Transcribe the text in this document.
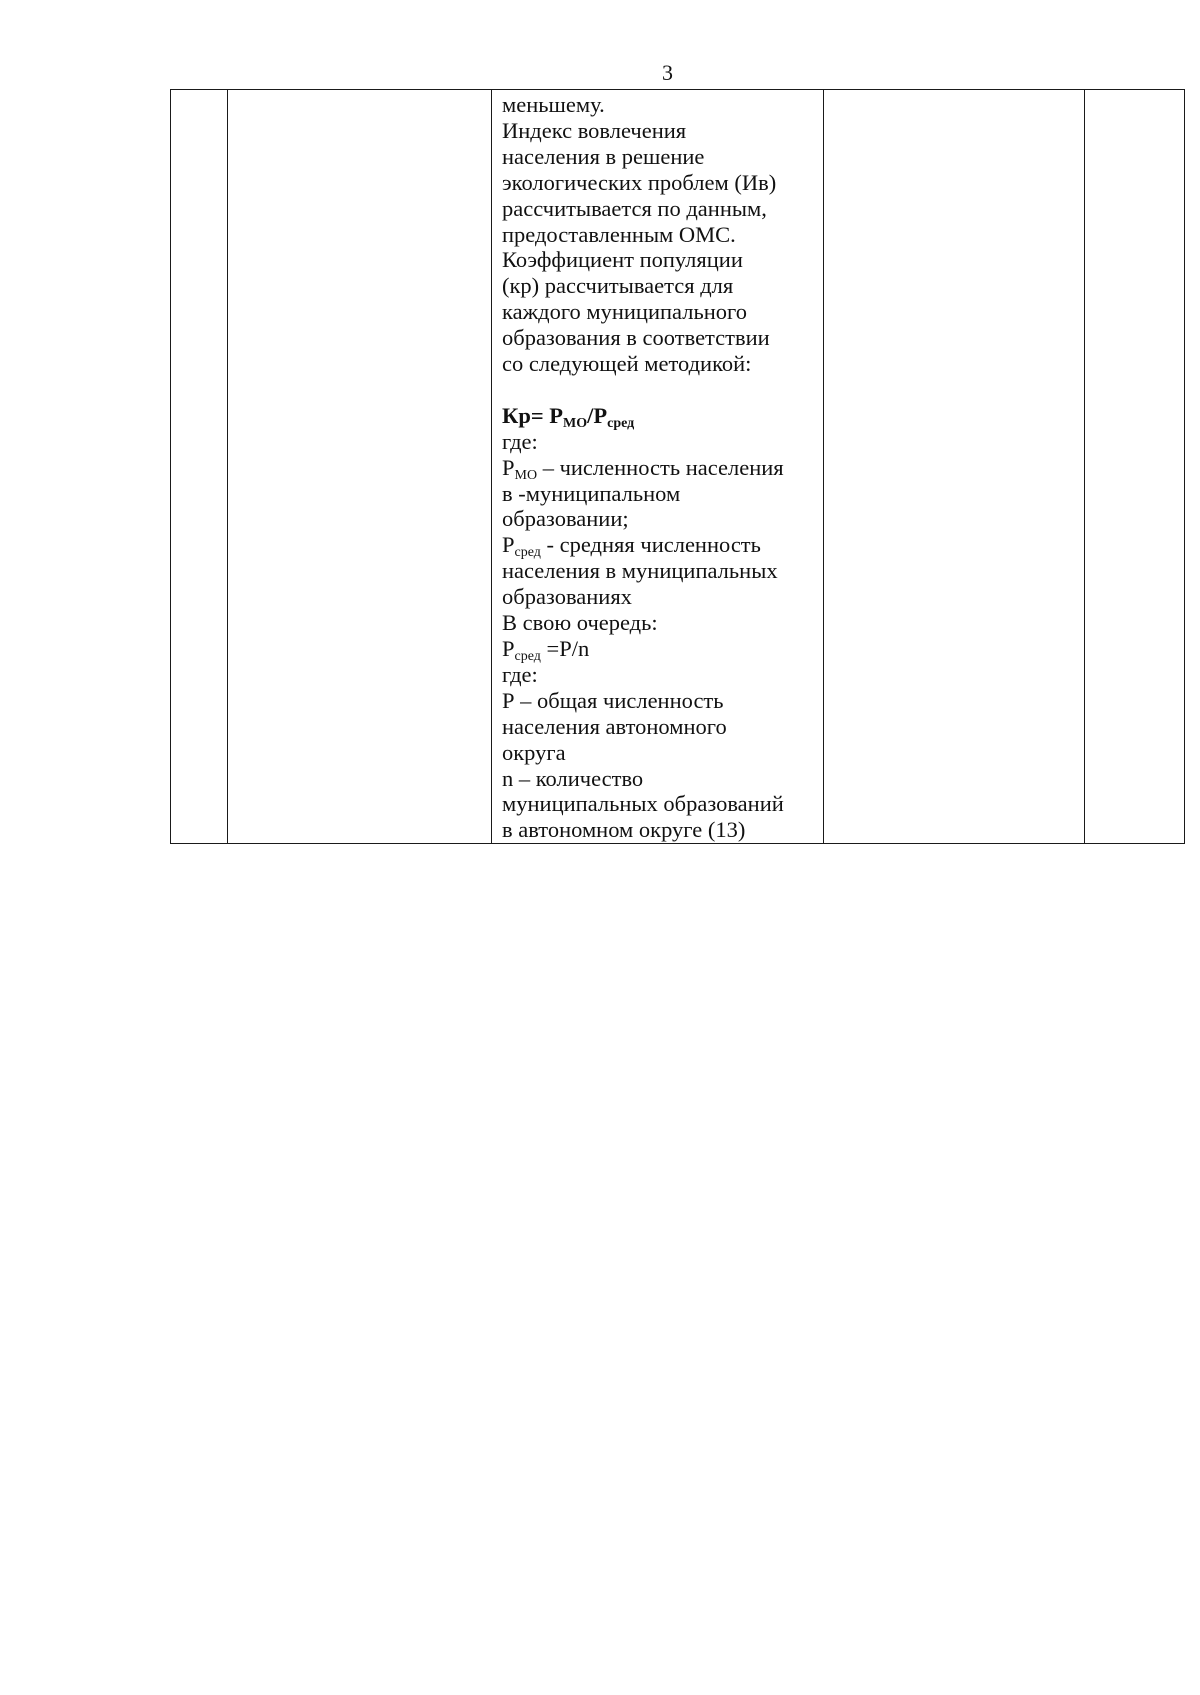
3

меньшему.
Индекс вовлечения
населения в решение
экологических проблем (Ив)
рассчитывается по данным,
предоставленным ОМС.
Коэффициент популяции
(кр) рассчитывается для
каждого муниципального
образования в соответствии
со следующей методикой:
$Кр= Р_{МО}/Р_{сред}$
где:
$Р_{МО}$ – численность населения
в -муниципальном
образовании;
$Р_{сред}$ - средняя численность
населения в муниципальных
образованиях
В свою очередь:
$Р_{сред} =P/n$
где:
Р – общая численность
населения автономного
округа
n – количество
муниципальных образований
в автономном округе (13)
